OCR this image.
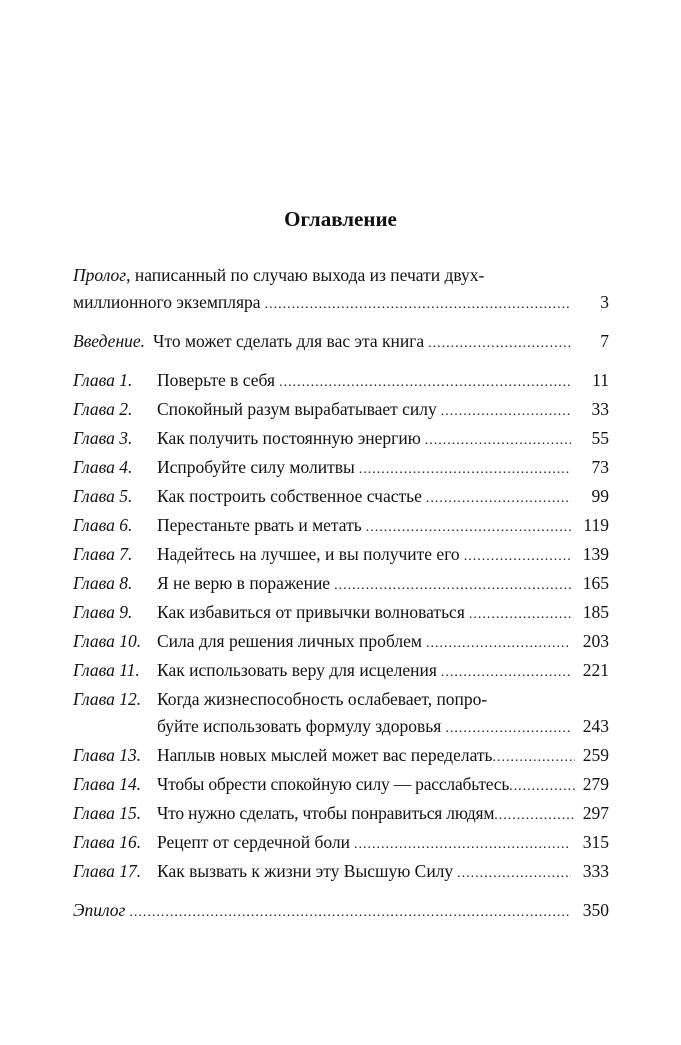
Оглавление
Пролог, написанный по случаю выхода из печати двух-
миллионного экземпляра .....	3
Введение. Что может сделать для вас эта книга .....	7
Глава 1.	Поверьте в себя .....	11
Глава 2.	Спокойный разум вырабатывает силу .....	33
Глава 3.	Как получить постоянную энергию .....	55
Глава 4.	Испробуйте силу молитвы .....	73
Глава 5.	Как построить собственное счастье .....	99
Глава 6.	Перестаньте рвать и метать .....	119
Глава 7.	Надейтесь на лучшее, и вы получите его .....	139
Глава 8.	Я не верю в поражение .....	165
Глава 9.	Как избавиться от привычки волноваться .....	185
Глава 10. Сила для решения личных проблем .....	203
Глава 11. Как использовать веру для исцеления .....	221
Глава 12. Когда жизнеспособность ослабевает, попро-
буйте использовать формулу здоровья .....	243
Глава 13. Наплыв новых мыслей может вас переделать .....	259
Глава 14. Чтобы обрести спокойную силу — расслабьтесь .....	279
Глава 15. Что нужно сделать, чтобы понравиться людям .....	297
Глава 16. Рецепт от сердечной боли .....	315
Глава 17. Как вызвать к жизни эту Высшую Силу .....	333
Эпилог .....	350
